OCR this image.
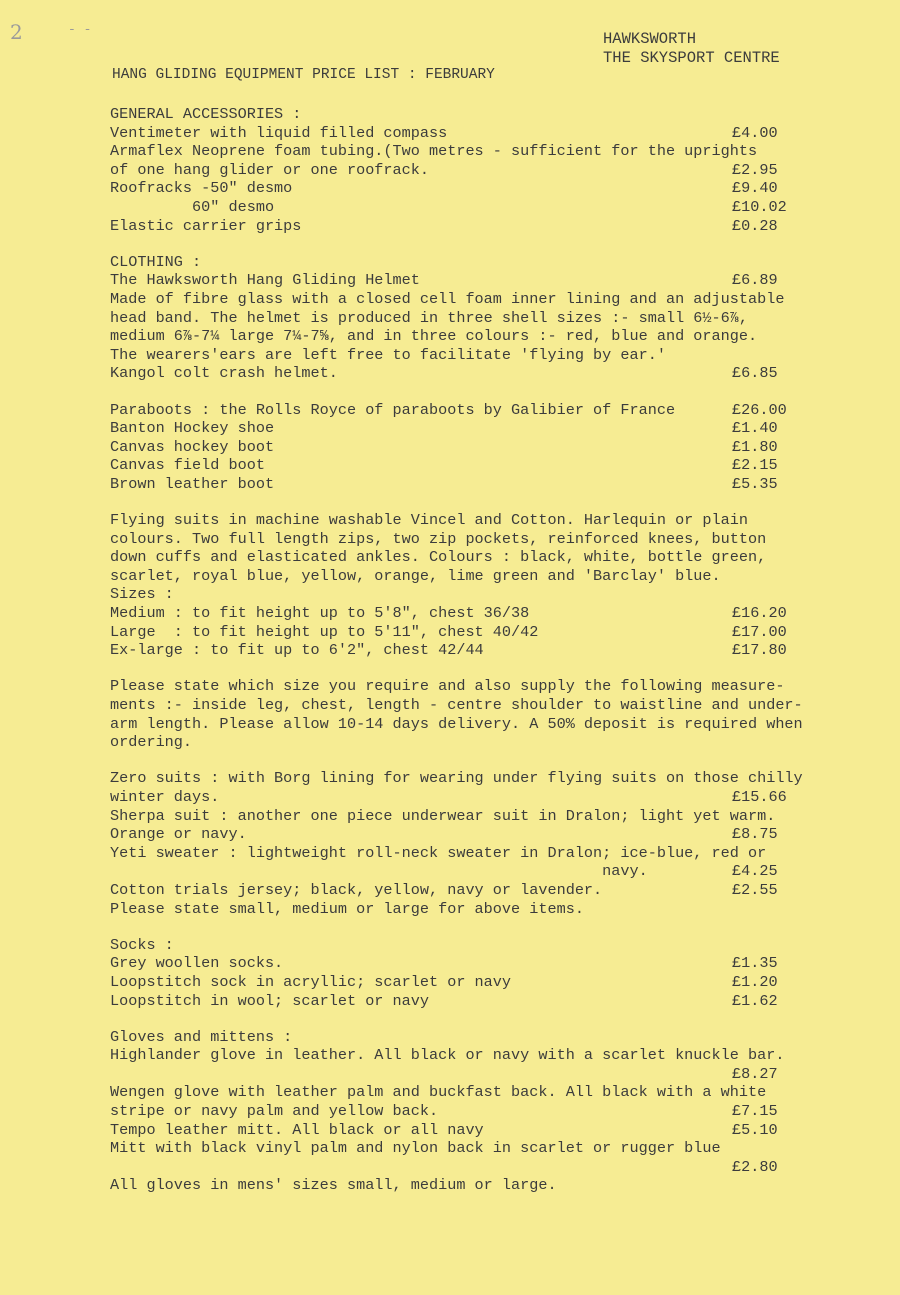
2	- -
HAWKSWORTH
THE SKYSPORT CENTRE
HANG GLIDING EQUIPMENT PRICE LIST : FEBRUARY
GENERAL ACCESSORIES :
Ventimeter with liquid filled compass	£4.00
Armaflex Neoprene foam tubing.(Two metres - sufficient for the uprights
of one hang glider or one roofrack.	£2.95
Roofracks -50" desmo	£9.40
60" desmo	£10.02
Elastic carrier grips	£0.28
CLOTHING :
The Hawksworth Hang Gliding Helmet	£6.89
Made of fibre glass with a closed cell foam inner lining and an adjustable
head band. The helmet is produced in three shell sizes :- small 6½-6⅞,
medium 6⅞-7¼ large 7¼-7⅝, and in three colours :- red, blue and orange.
The wearers'ears are left free to facilitate 'flying by ear.'
Kangol colt crash helmet.	£6.85
Paraboots : the Rolls Royce of paraboots by Galibier of France	£26.00
Banton Hockey shoe	£1.40
Canvas hockey boot	£1.80
Canvas field boot	£2.15
Brown leather boot	£5.35
Flying suits in machine washable Vincel and Cotton. Harlequin or plain
colours. Two full length zips, two zip pockets, reinforced knees, button
down cuffs and elasticated ankles. Colours : black, white, bottle green,
scarlet, royal blue, yellow, orange, lime green and 'Barclay' blue.
Sizes :
Medium : to fit height up to 5'8", chest 36/38	£16.20
Large  : to fit height up to 5'11", chest 40/42	£17.00
Ex-large : to fit up to 6'2", chest 42/44	£17.80
Please state which size you require and also supply the following measure-
ments :- inside leg, chest, length - centre shoulder to waistline and under-
arm length. Please allow 10-14 days delivery. A 50% deposit is required when
ordering.
Zero suits : with Borg lining for wearing under flying suits on those chilly
winter days.	£15.66
Sherpa suit : another one piece underwear suit in Dralon; light yet warm.
Orange or navy.	£8.75
Yeti sweater : lightweight roll-neck sweater in Dralon; ice-blue, red or
navy.	£4.25
Cotton trials jersey; black, yellow, navy or lavender.	£2.55
Please state small, medium or large for above items.
Socks :
Grey woollen socks.	£1.35
Loopstitch sock in acryllic; scarlet or navy	£1.20
Loopstitch in wool; scarlet or navy	£1.62
Gloves and mittens :
Highlander glove in leather. All black or navy with a scarlet knuckle bar.
£8.27
Wengen glove with leather palm and buckfast back. All black with a white
stripe or navy palm and yellow back.	£7.15
Tempo leather mitt. All black or all navy	£5.10
Mitt with black vinyl palm and nylon back in scarlet or rugger blue
£2.80
All gloves in mens' sizes small, medium or large.
